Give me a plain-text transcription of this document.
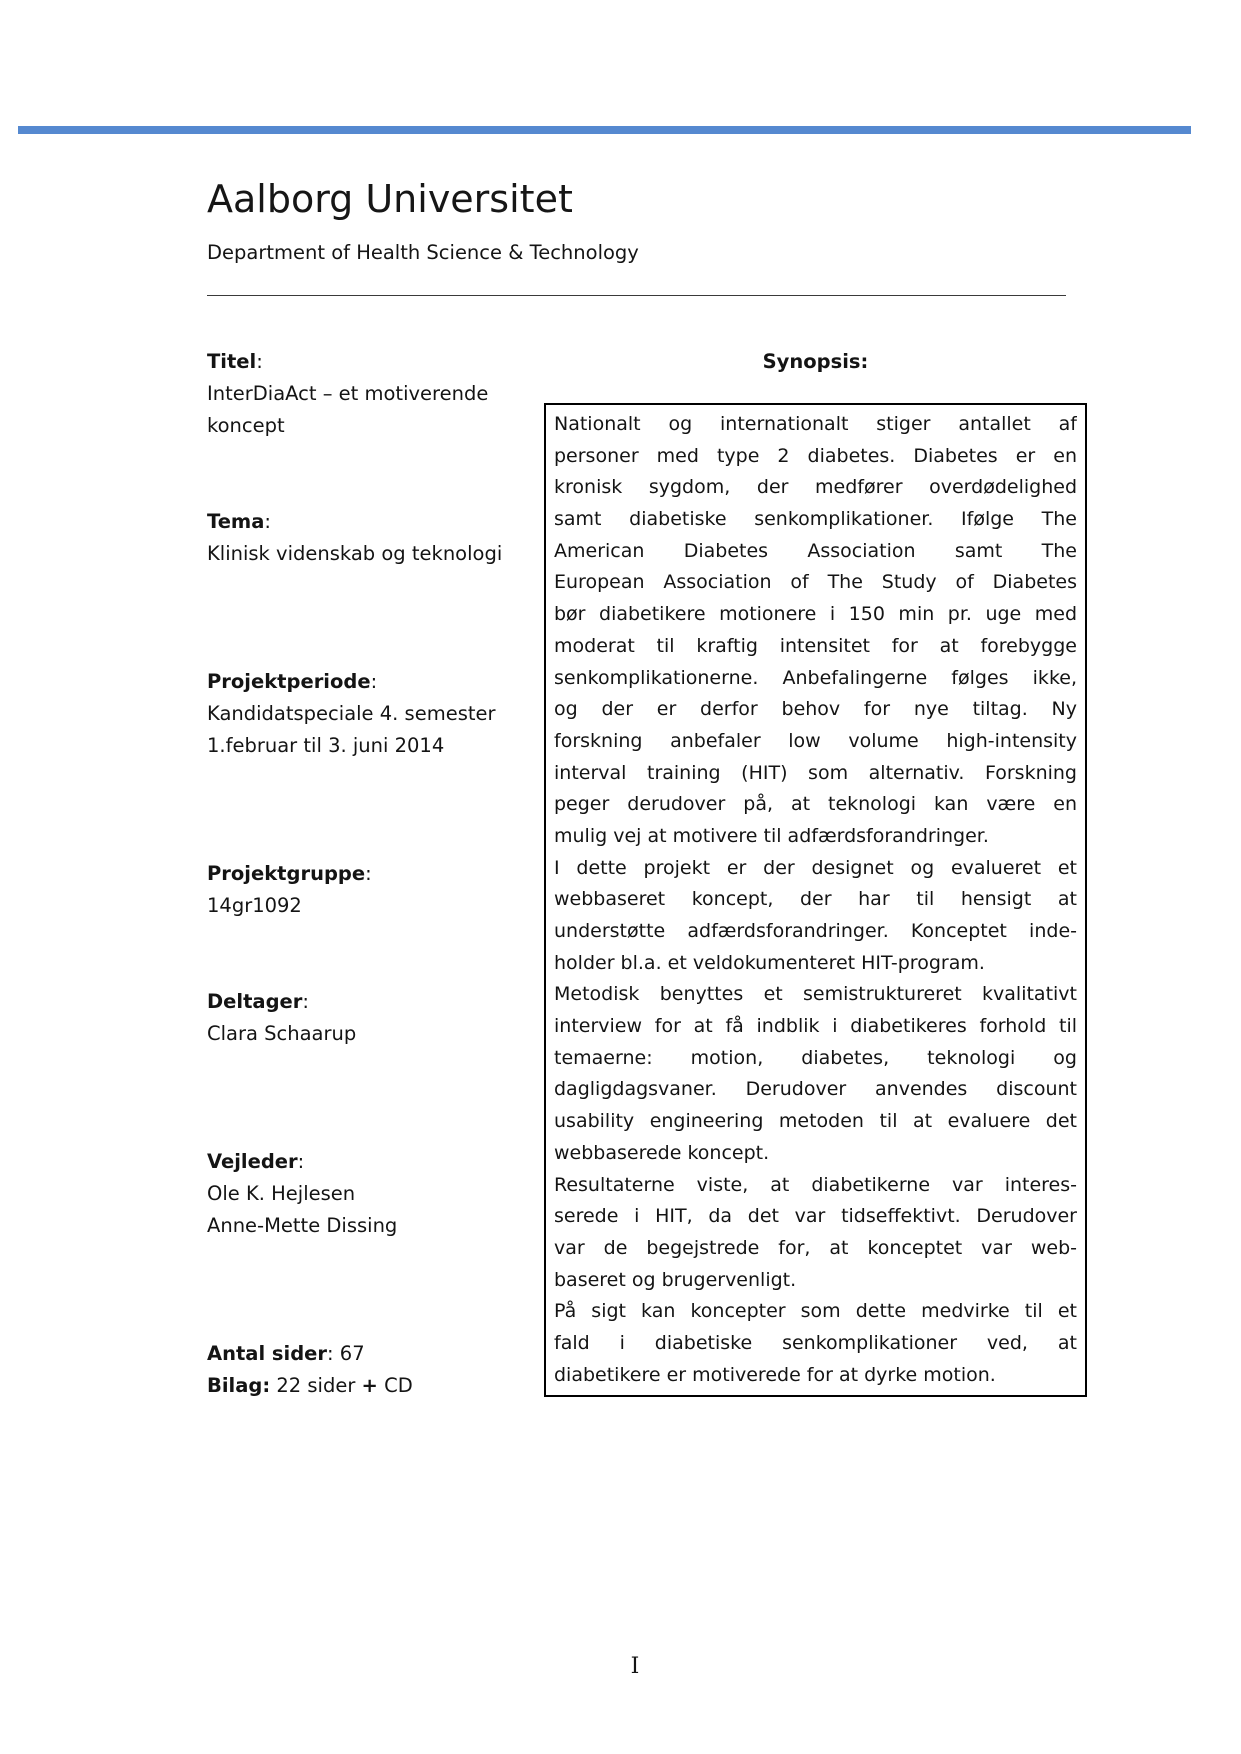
Aalborg Universitet
Department of Health Science & Technology
Titel:
InterDiaAct – et motiverende
koncept
Tema:
Klinisk videnskab og teknologi
Projektperiode:
Kandidatspeciale 4. semester
1.februar til 3. juni 2014
Projektgruppe:
14gr1092
Deltager:
Clara Schaarup
Vejleder:
Ole K. Hejlesen
Anne-Mette Dissing
Antal sider: 67
Bilag: 22 sider + CD
Synopsis:
Nationalt og internationalt stiger antallet af
personer med type 2 diabetes. Diabetes er en
kronisk sygdom, der medfører overdødelighed
samt diabetiske senkomplikationer. Ifølge The
American Diabetes Association samt The
European Association of The Study of Diabetes
bør diabetikere motionere i 150 min pr. uge med
moderat til kraftig intensitet for at forebygge
senkomplikationerne. Anbefalingerne følges ikke,
og der er derfor behov for nye tiltag. Ny
forskning anbefaler low volume high-intensity
interval training (HIT) som alternativ. Forskning
peger derudover på, at teknologi kan være en
mulig vej at motivere til adfærdsforandringer.
I dette projekt er der designet og evalueret et
webbaseret koncept, der har til hensigt at
understøtte adfærdsforandringer. Konceptet inde-
holder bl.a. et veldokumenteret HIT-program.
Metodisk benyttes et semistruktureret kvalitativt
interview for at få indblik i diabetikeres forhold til
temaerne: motion, diabetes, teknologi og
dagligdagsvaner. Derudover anvendes discount
usability engineering metoden til at evaluere det
webbaserede koncept.
Resultaterne viste, at diabetikerne var interes-
serede i HIT, da det var tidseffektivt. Derudover
var de begejstrede for, at konceptet var web-
baseret og brugervenligt.
På sigt kan koncepter som dette medvirke til et
fald i diabetiske senkomplikationer ved, at
diabetikere er motiverede for at dyrke motion.
I
